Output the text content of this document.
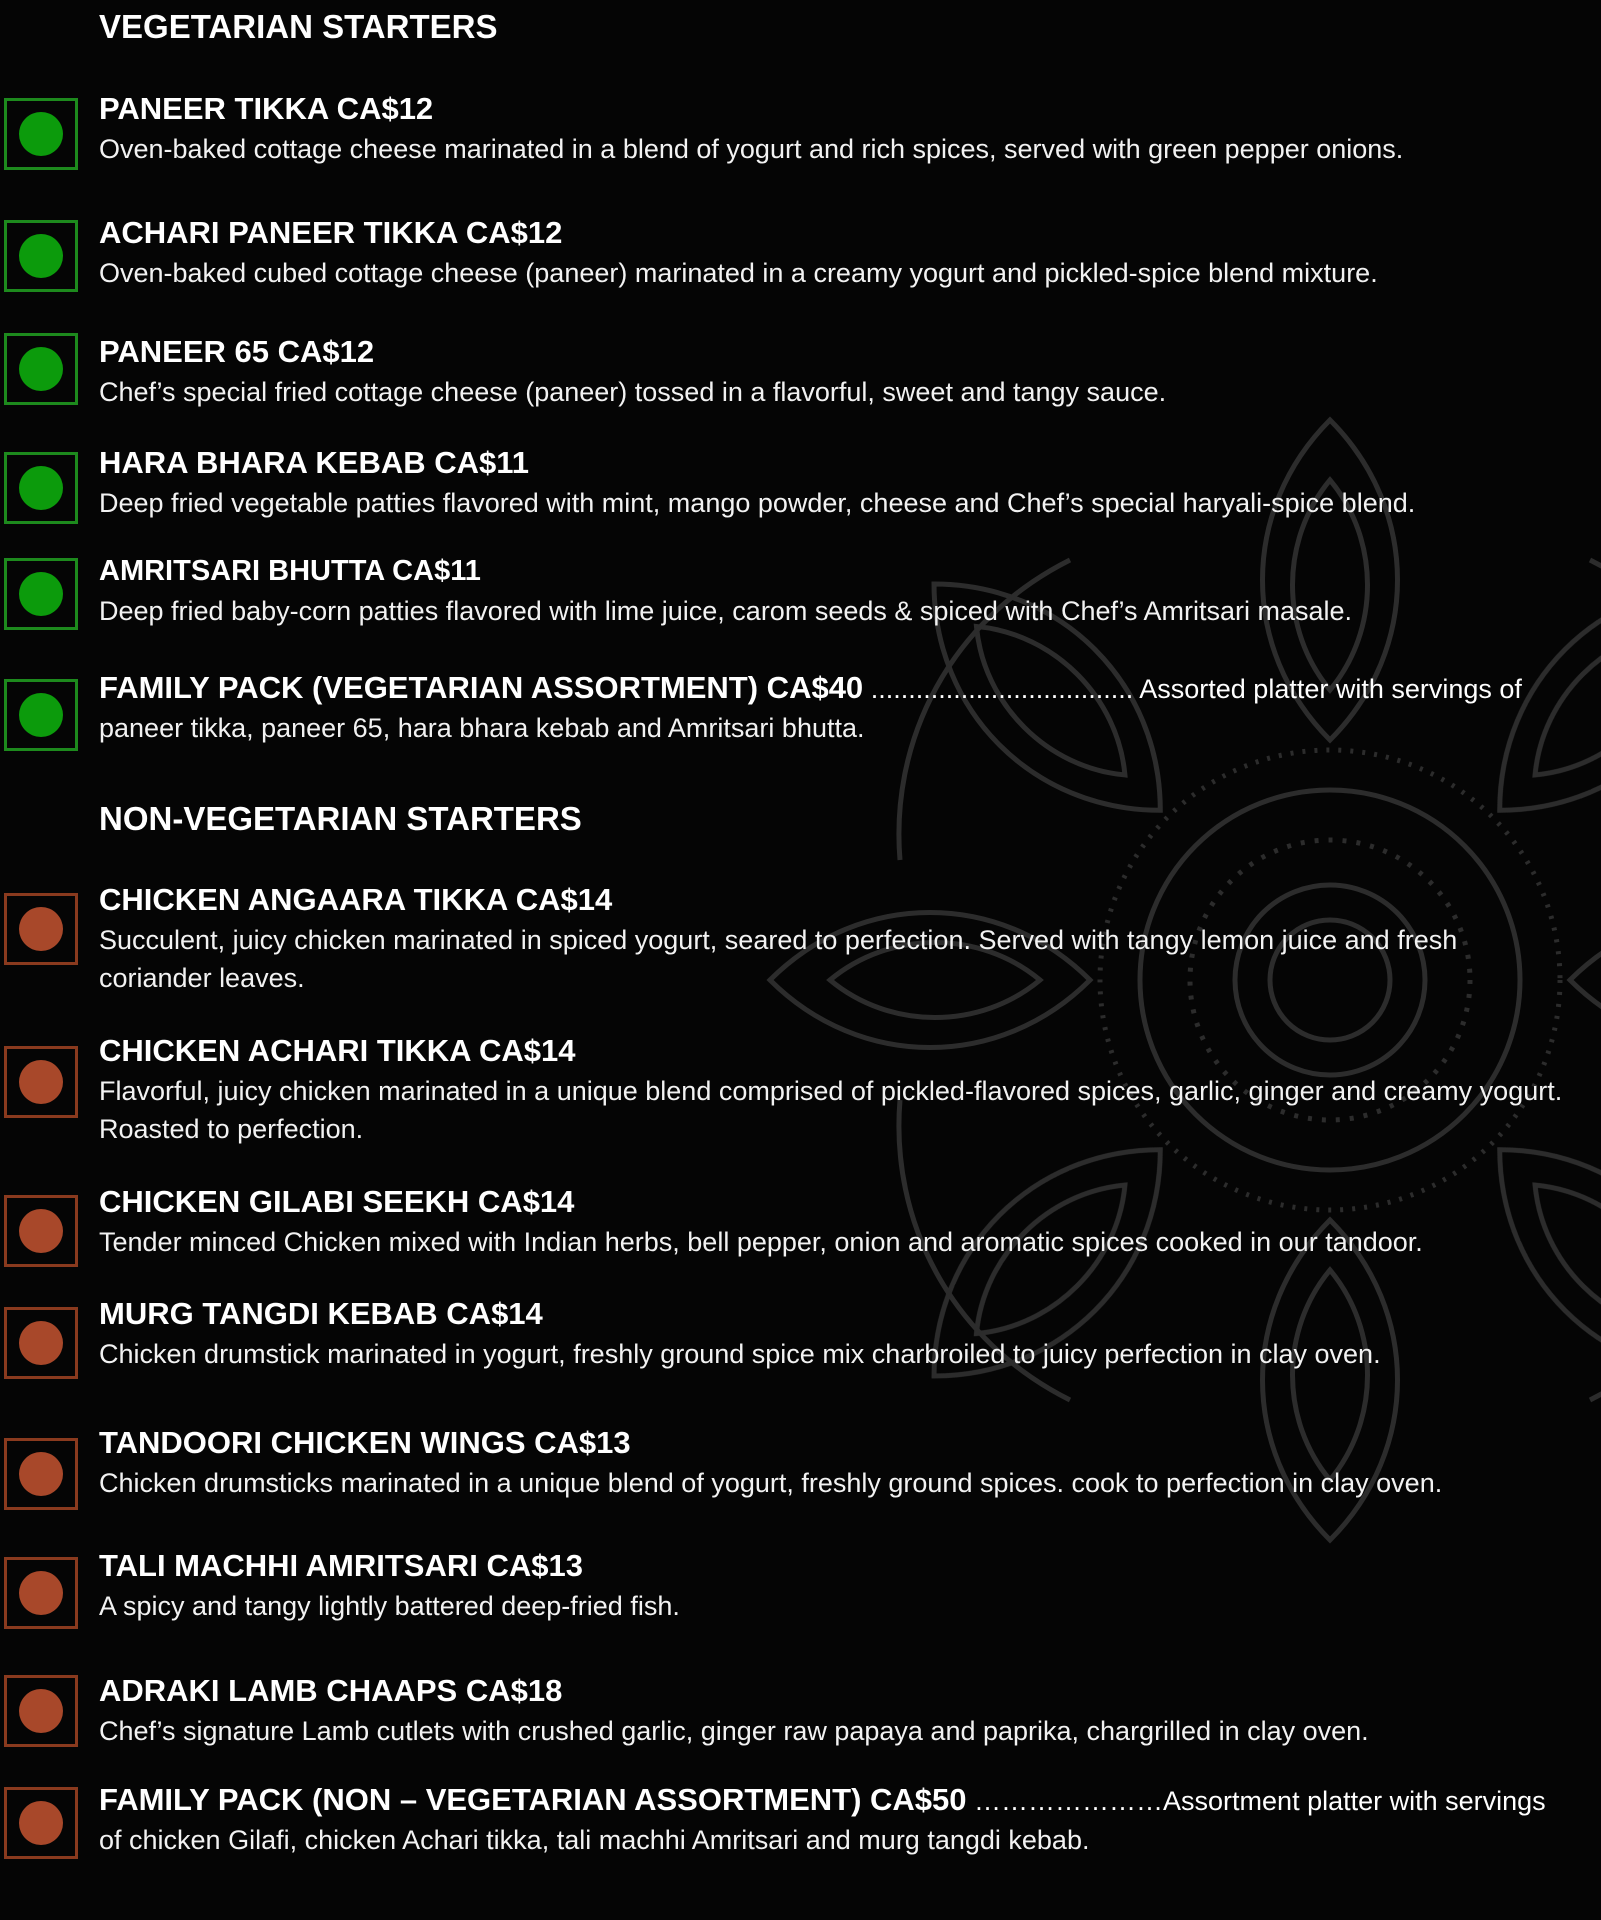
VEGETARIAN STARTERS
PANEER TIKKA CA$12
Oven-baked cottage cheese marinated in a blend of yogurt and rich spices, served with green pepper onions.
ACHARI PANEER TIKKA CA$12
Oven-baked cubed cottage cheese (paneer) marinated in a creamy yogurt and pickled-spice blend mixture.
PANEER 65 CA$12
Chef’s special fried cottage cheese (paneer) tossed in a flavorful, sweet and tangy sauce.
HARA BHARA KEBAB CA$11
Deep fried vegetable patties flavored with mint, mango powder, cheese and Chef’s special haryali-spice blend.
AMRITSARI BHUTTA CA$11
Deep fried baby-corn patties flavored with lime juice, carom seeds & spiced with Chef’s Amritsari masale.
FAMILY PACK (VEGETARIAN ASSORTMENT) CA$40 ................................... Assorted platter with servings of
paneer tikka, paneer 65, hara bhara kebab and Amritsari bhutta.
NON-VEGETARIAN STARTERS
CHICKEN ANGAARA TIKKA CA$14
Succulent, juicy chicken marinated in spiced yogurt, seared to perfection. Served with tangy lemon juice and fresh coriander leaves.
CHICKEN ACHARI TIKKA CA$14
Flavorful, juicy chicken marinated in a unique blend comprised of pickled-flavored spices, garlic, ginger and creamy yogurt. Roasted to perfection.
CHICKEN GILABI SEEKH CA$14
Tender minced Chicken mixed with Indian herbs, bell pepper, onion and aromatic spices cooked in our tandoor.
MURG TANGDI KEBAB CA$14
Chicken drumstick marinated in yogurt, freshly ground spice mix charbroiled to juicy perfection in clay oven.
TANDOORI CHICKEN WINGS CA$13
Chicken drumsticks marinated in a unique blend of yogurt, freshly ground spices. cook to perfection in clay oven.
TALI MACHHI AMRITSARI CA$13
A spicy and tangy lightly battered deep-fried fish.
ADRAKI LAMB CHAAPS CA$18
Chef’s signature Lamb cutlets with crushed garlic, ginger raw papaya and paprika, chargrilled in clay oven.
FAMILY PACK (NON – VEGETARIAN ASSORTMENT) CA$50 …………………Assortment platter with servings
of chicken Gilafi, chicken Achari tikka, tali machhi Amritsari and murg tangdi kebab.
